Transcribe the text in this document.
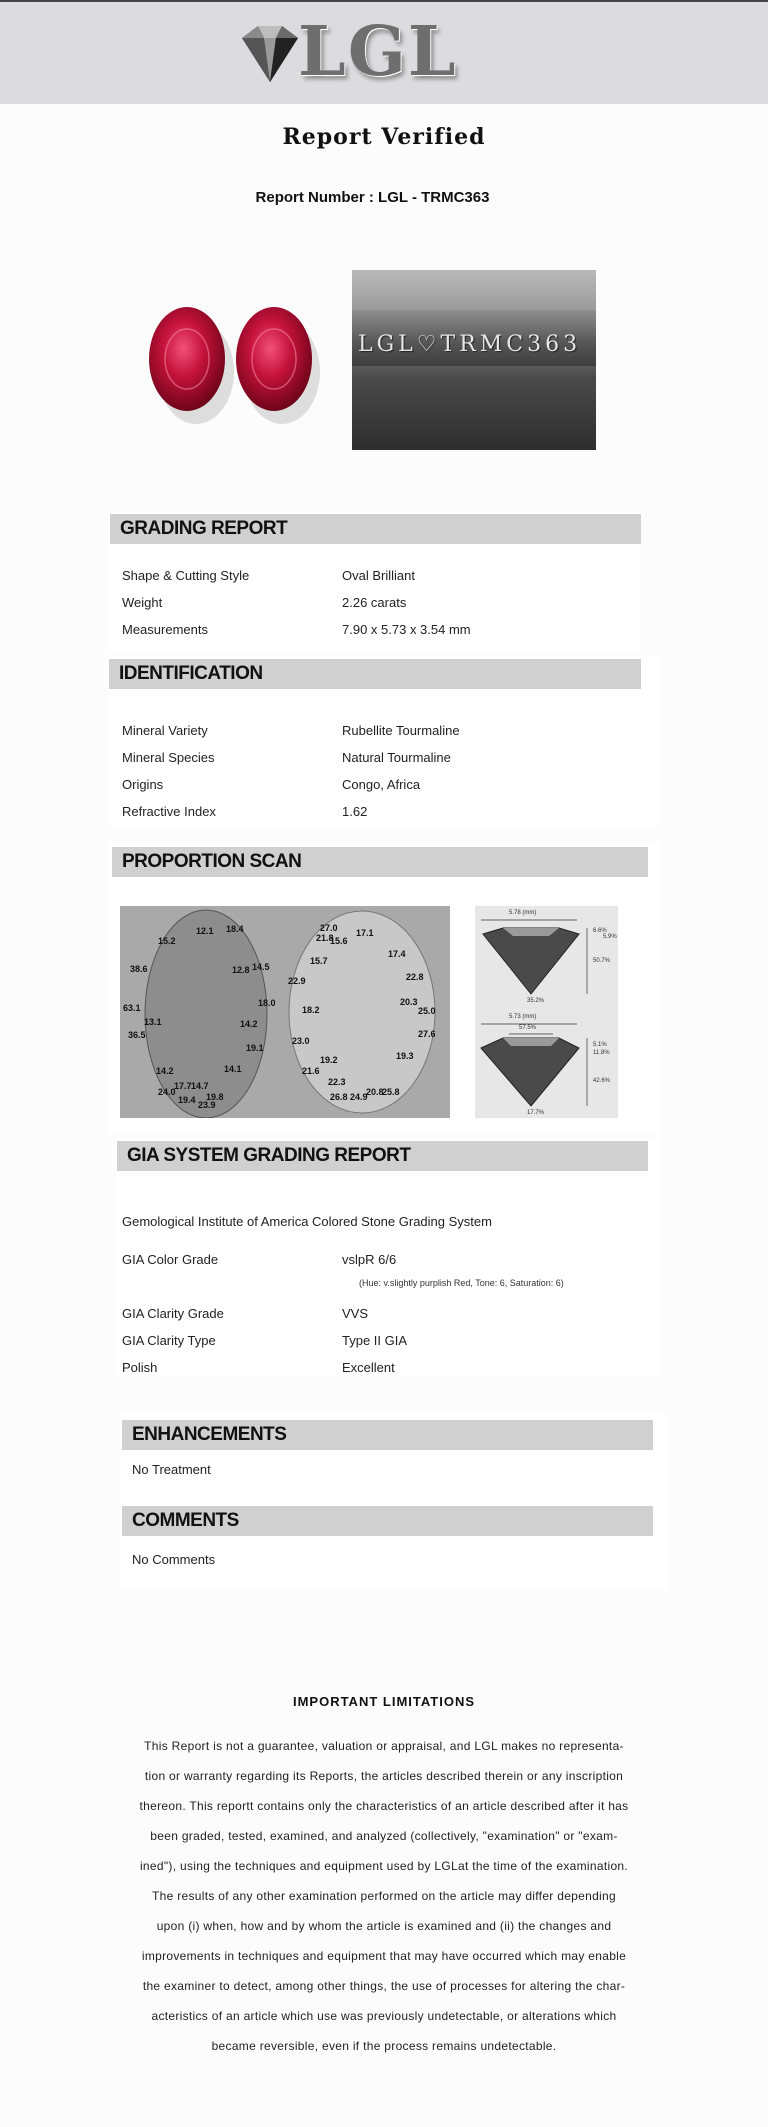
LGL
Report Verified
Report Number : LGL - TRMC363
LGL♡TRMC363
GRADING REPORT
Shape & Cutting Style	Oval Brilliant
Weight	2.26 carats
Measurements	7.90 x 5.73 x 3.54 mm
IDENTIFICATION
Mineral Variety	Rubellite Tourmaline
Mineral Species	Natural Tourmaline
Origins	Congo, Africa
Refractive Index	1.62
PROPORTION SCAN
12.1 18.4
15.2
38.6	12.8 14.5
63.1
13.1
36.5
18.0
14.2
19.1
14.2	14.1
17.7 14.7
24.0
19.4 19.8
23.9
27.0 17.1
21.8
15.6
17.4
15.7
22.9	22.8
20.3
25.0
18.2
27.6
23.0
19.3
19.2
21.6
22.3
20.8
25.8
26.8 24.9
5.78 (mm)
6.6%
5.9%
50.7%
35.2%
5.73 (mm)
57.5%
5.1%
11.8%
42.6%
17.7%
GIA SYSTEM GRADING REPORT
Gemological Institute of America Colored Stone Grading System
GIA Color Grade	vslpR 6/6
(Hue: v.slightly purplish Red, Tone: 6, Saturation: 6)
GIA Clarity Grade	VVS
GIA Clarity Type	Type II GIA
Polish	Excellent
ENHANCEMENTS
No Treatment
COMMENTS
No Comments
IMPORTANT LIMITATIONS
This Report is not a guarantee, valuation or appraisal, and LGL makes no representa-
tion or warranty regarding its Reports, the articles described therein or any inscription
thereon. This reportt contains only the characteristics of an article described after it has
been graded, tested, examined, and analyzed (collectively, "examination" or "exam-
ined"), using the techniques and equipment used by LGLat the time of the examination.
The results of any other examination performed on the article may differ depending
upon (i) when, how and by whom the article is examined and (ii) the changes and
improvements in techniques and equipment that may have occurred which may enable
the examiner to detect, among other things, the use of processes for altering the char-
acteristics of an article which use was previously undetectable, or alterations which
became reversible, even if the process remains undetectable.
